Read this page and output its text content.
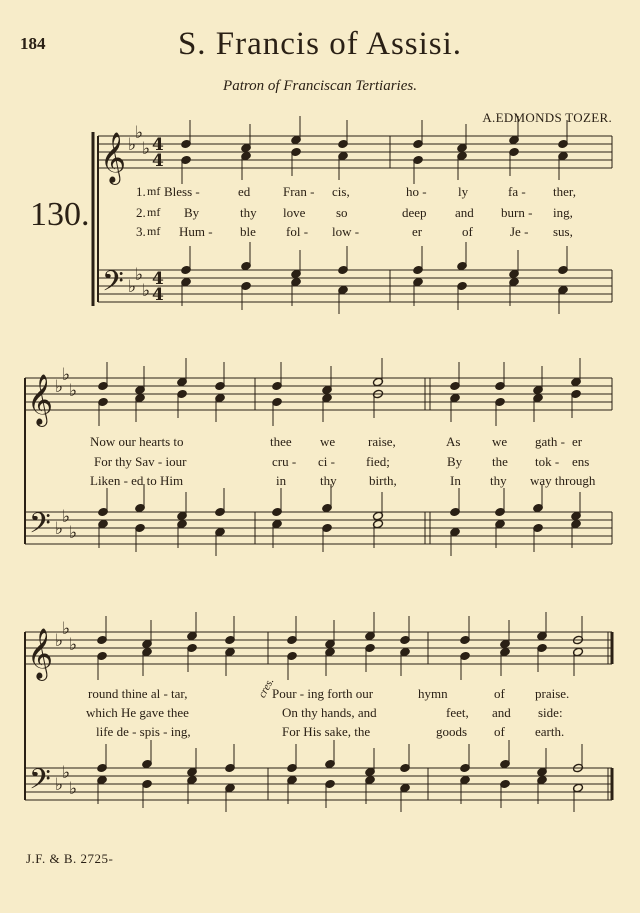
184	S. Francis of Assisi.
Patron of Franciscan Tertiaries.
A.EDMONDS TOZER.
130.
cres.
J.F. & B. 2725-
𝄞
𝄢
♭
♭
♭
♭
♭
♭
4
4
4
4
𝄞
𝄢
♭
♭
♭
♭
♭
♭
𝄞
𝄢
♭
♭
♭
♭
♭
♭
1. mf Bless -	ed	Fran - cis,	ho - ly	fa - ther,
2. mf By	thy love so	deep and burn - ing,
3. mf Hum - ble fol - low -	er	of	Je - sus,
Now our hearts to	thee we	raise,	As we gath - er
For thy Sav - iour	cru - ci - fied;	By the tok - ens
Liken - ed to Him	in	thy birth,	In thy way through
round thine al - tar,	Pour - ing forth our	hymn	of praise.
which He gave thee	On thy hands, and	feet, and side:
life de - spis - ing,	For His sake, the	goods of earth.
